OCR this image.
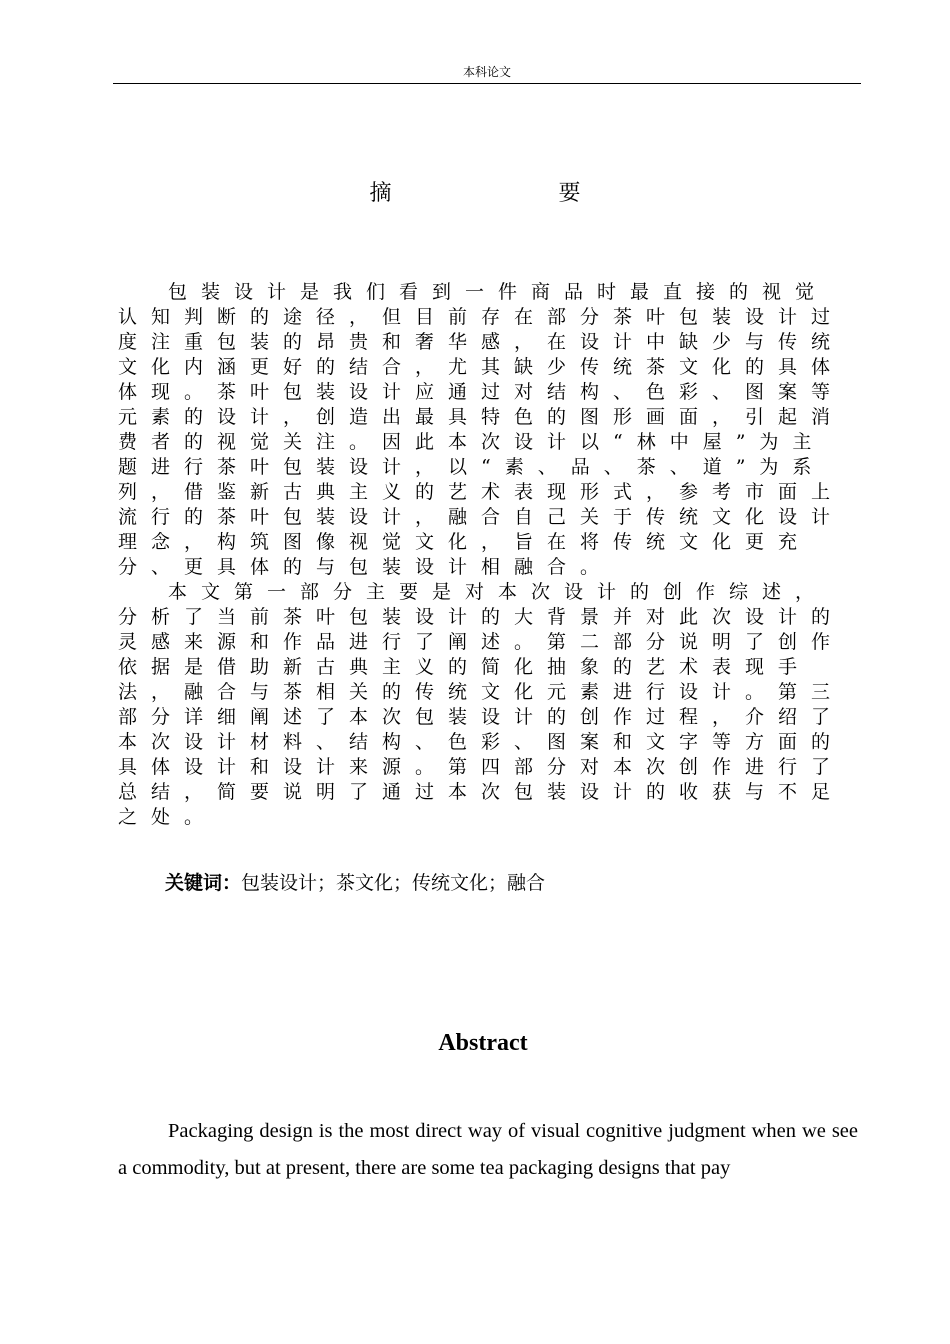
本科论文
摘 要

包装设计是我们看到一件商品时最直接的视觉认知判断的途径，但目前存在部分茶叶包装设计过度注重包装的昂贵和奢华感，在设计中缺少与传统文化内涵更好的结合，尤其缺少传统茶文化的具体体现。茶叶包装设计应通过对结构、色彩、图案等元素的设计，创造出最具特色的图形画面，引起消费者的视觉关注。因此本次设计以“林中屋”为主题进行茶叶包装设计，以“素、品、茶、道”为系列，借鉴新古典主义的艺术表现形式，参考市面上流行的茶叶包装设计，融合自己关于传统文化设计理念，构筑图像视觉文化，旨在将传统文化更充分、更具体的与包装设计相融合。

本文第一部分主要是对本次设计的创作综述，分析了当前茶叶包装设计的大背景并对此次设计的灵感来源和作品进行了阐述。第二部分说明了创作依据是借助新古典主义的简化抽象的艺术表现手法，融合与茶相关的传统文化元素进行设计。第三部分详细阐述了本次包装设计的创作过程，介绍了本次设计材料、结构、色彩、图案和文字等方面的具体设计和设计来源。第四部分对本次创作进行了总结，简要说明了通过本次包装设计的收获与不足之处。

关键词：包装设计；茶文化；传统文化；融合
Abstract

Packaging design is the most direct way of visual cognitive judgment when we see a commodity, but at present, there are some tea packaging designs that pay
